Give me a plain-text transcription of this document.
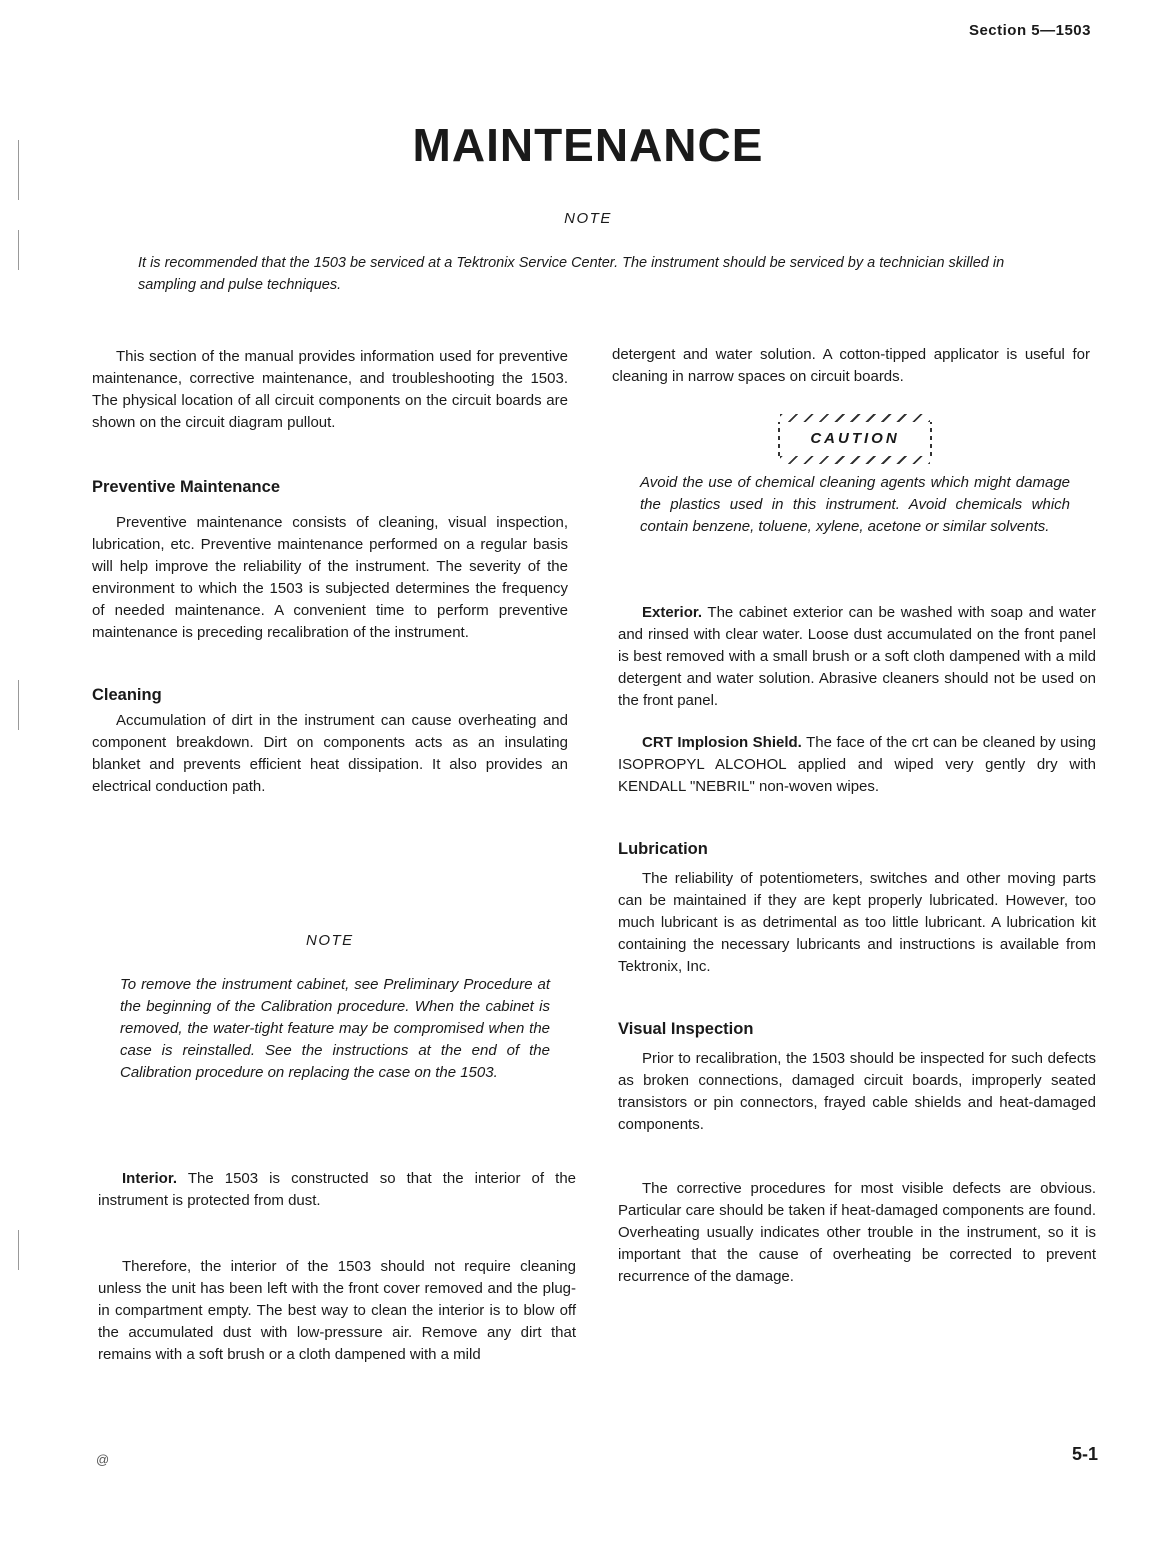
Section 5—1503
MAINTENANCE
NOTE
It is recommended that the 1503 be serviced at a Tektronix Service Center. The instrument should be serviced by a technician skilled in sampling and pulse techniques.

This section of the manual provides information used for preventive maintenance, corrective maintenance, and troubleshooting the 1503. The physical location of all circuit components on the circuit boards are shown on the circuit diagram pullout.

Preventive Maintenance

Preventive maintenance consists of cleaning, visual inspection, lubrication, etc. Preventive maintenance performed on a regular basis will help improve the reliability of the instrument. The severity of the environment to which the 1503 is subjected determines the frequency of needed maintenance. A convenient time to perform preventive maintenance is preceding recalibration of the instrument.

Cleaning

Accumulation of dirt in the instrument can cause overheating and component breakdown. Dirt on components acts as an insulating blanket and prevents efficient heat dissipation. It also provides an electrical conduction path.

NOTE
To remove the instrument cabinet, see Preliminary Procedure at the beginning of the Calibration procedure. When the cabinet is removed, the water-tight feature may be compromised when the case is reinstalled. See the instructions at the end of the Calibration procedure on replacing the case on the 1503.

Interior. The 1503 is constructed so that the interior of the instrument is protected from dust.

Therefore, the interior of the 1503 should not require cleaning unless the unit has been left with the front cover removed and the plug-in compartment empty. The best way to clean the interior is to blow off the accumulated dust with low-pressure air. Remove any dirt that remains with a soft brush or a cloth dampened with a mild

detergent and water solution. A cotton-tipped applicator is useful for cleaning in narrow spaces on circuit boards.

CAUTION
Avoid the use of chemical cleaning agents which might damage the plastics used in this instrument. Avoid chemicals which contain benzene, toluene, xylene, acetone or similar solvents.

Exterior. The cabinet exterior can be washed with soap and water and rinsed with clear water. Loose dust accumulated on the front panel is best removed with a small brush or a soft cloth dampened with a mild detergent and water solution. Abrasive cleaners should not be used on the front panel.

CRT Implosion Shield. The face of the crt can be cleaned by using ISOPROPYL ALCOHOL applied and wiped very gently dry with KENDALL "NEBRIL" non-woven wipes.

Lubrication

The reliability of potentiometers, switches and other moving parts can be maintained if they are kept properly lubricated. However, too much lubricant is as detrimental as too little lubricant. A lubrication kit containing the necessary lubricants and instructions is available from Tektronix, Inc.

Visual Inspection

Prior to recalibration, the 1503 should be inspected for such defects as broken connections, damaged circuit boards, improperly seated transistors or pin connectors, frayed cable shields and heat-damaged components.

The corrective procedures for most visible defects are obvious. Particular care should be taken if heat-damaged components are found. Overheating usually indicates other trouble in the instrument, so it is important that the cause of overheating be corrected to prevent recurrence of the damage.

@	5-1
